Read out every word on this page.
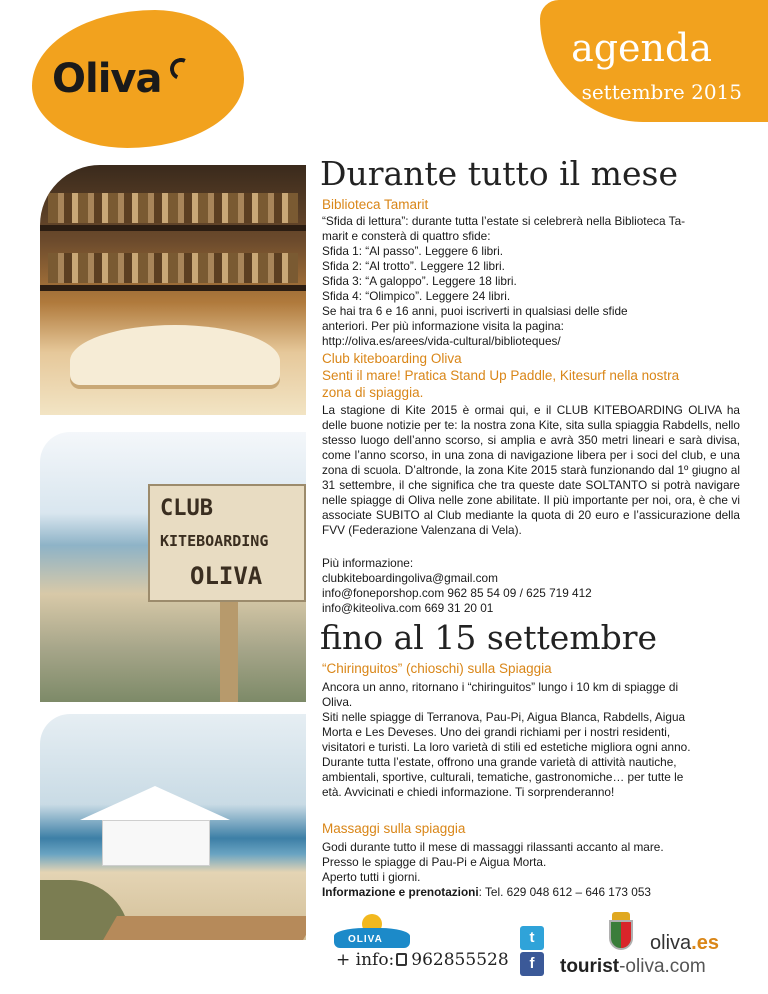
Oliva
agenda
settembre 2015
CLUB
KITEBOARDING
OLIVA
Durante tutto il mese
Biblioteca Tamarit
“Sfida di lettura”: durante tutta l’estate si celebrerà nella Biblioteca Ta-
marit e consterà di quattro sfide:
Sfida 1: “Al passo”. Leggere 6 libri.
Sfida 2: “Al trotto”. Leggere 12 libri.
Sfida 3: “A galoppo”. Leggere 18 libri.
Sfida 4: “Olimpico”. Leggere 24 libri.
Se hai tra 6 e 16 anni, puoi iscriverti in qualsiasi delle sfide
anteriori. Per più informazione visita la pagina:
http://oliva.es/arees/vida-cultural/biblioteques/
Club kiteboarding Oliva
Senti il mare! Pratica Stand Up Paddle, Kitesurf nella nostra
zona di spiaggia.
La stagione di Kite 2015 è ormai qui, e il CLUB KITEBOARDING OLIVA ha delle buone notizie per te: la nostra zona Kite, sita sulla spiaggia Rabdells, nello stesso luogo dell’anno scorso, si amplia e avrà 350 metri lineari e sarà divisa, come l’anno scorso, in una zona di navigazione libera per i soci del club, e una zona di scuola. D’altronde, la zona Kite 2015 starà funzionando dal 1º giugno al 31 settembre, il che significa che tra queste date SOLTANTO si potrà navigare nelle spiagge di Oliva nelle zone abilitate. Il più importante per noi, ora, è che vi associate SUBITO al Club mediante la quota di 20 euro e l’assicurazione della FVV (Federazione Valenzana di Vela).
Più informazione:
clubkiteboardingoliva@gmail.com
info@foneporshop.com 962 85 54 09 / 625 719 412
info@kiteoliva.com 669 31 20 01
fino al 15 settembre
“Chiringuitos” (chioschi) sulla Spiaggia
Ancora un anno, ritornano i “chiringuitos” lungo i 10 km di spiagge di
Oliva.
Siti nelle spiagge di Terranova, Pau-Pi, Aigua Blanca, Rabdells, Aigua
Morta e Les Deveses. Uno dei grandi richiami per i nostri residenti,
visitatori e turisti. La loro varietà di stili ed estetiche migliora ogni anno.
Durante tutta l’estate, offrono una grande varietà di attività nautiche,
ambientali, sportive, culturali, tematiche, gastronomiche… per tutte le
età. Avvicinati e chiedi informazione. Ti sorprenderanno!
Massaggi sulla spiaggia
Godi durante tutto il mese di massaggi rilassanti accanto al mare.
Presso le spiagge di Pau-Pi e Aigua Morta.
Aperto tutti i giorni.
Informazione e prenotazioni: Tel. 629 048 612 – 646 173 053
OLIVA
+ info: 962855528
t
f
oliva.es
tourist-oliva.com
